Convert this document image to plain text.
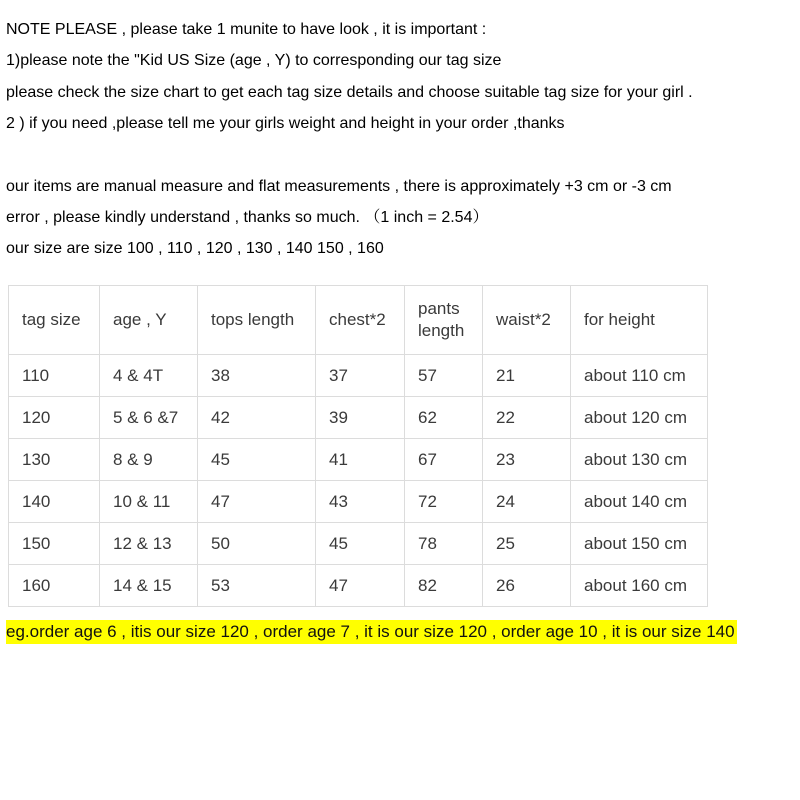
NOTE PLEASE , please take 1 munite to have look , it is important :

1)please note the "Kid US Size (age , Y) to corresponding our tag size

please check the size chart to get each tag size details and choose suitable tag size for your girl .

2 ) if you need ,please tell me your girls weight and height in your order ,thanks

our items are manual measure and flat measurements , there is approximately +3 cm or -3 cm

error , please kindly understand , thanks so much. （1 inch = 2.54）

our size are size 100 , 110 , 120 , 130 , 140 150 , 160

tag size	age , Y	tops length	chest*2	pants length	waist*2	for height
110	4 & 4T	38	37	57	21	about 110 cm
120	5 & 6 &7	42	39	62	22	about 120 cm
130	8 & 9	45	41	67	23	about 130 cm
140	10 & 11	47	43	72	24	about 140 cm
150	12 & 13	50	45	78	25	about 150 cm
160	14 & 15	53	47	82	26	about 160 cm
eg.order age 6 , itis our size 120 , order age 7 , it is our size 120 , order age 10 , it is our size 140
